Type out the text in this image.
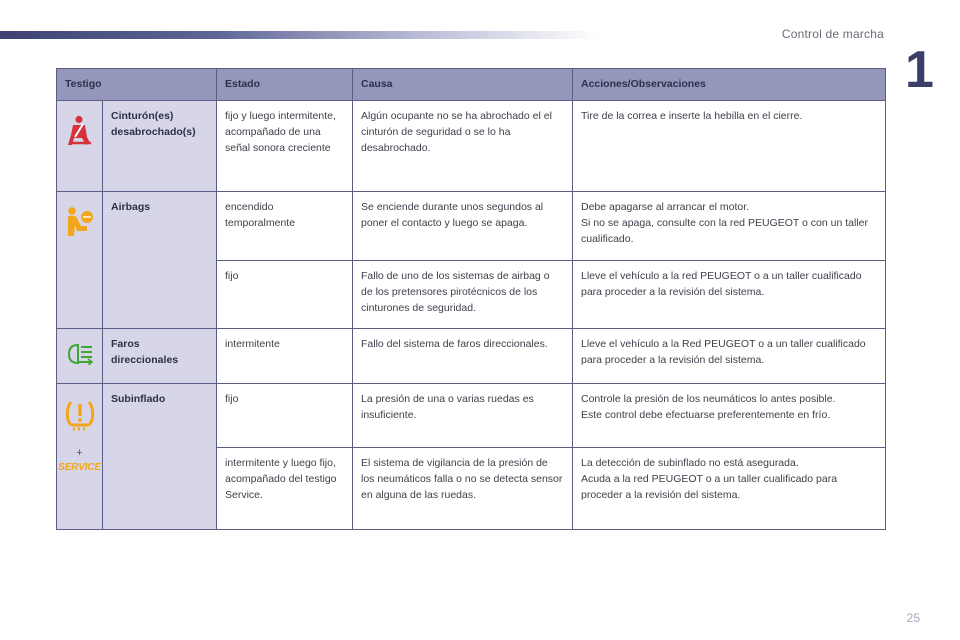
Control de marcha
1
Testigo		Estado	Causa	Acciones/Observaciones

	Cinturón(es) desabrochado(s)	fijo y luego intermitente, acompañado de una señal sonora creciente	Algún ocupante no se ha abrochado el el cinturón de seguridad o se lo ha desabrochado.	Tire de la correa e inserte la hebilla en el cierre.

	Airbags	encendido temporalmente	Se enciende durante unos segundos al poner el contacto y luego se apaga.	Debe apagarse al arrancar el motor.
Si no se apaga, consulte con la red PEUGEOT o con un taller cualificado.
		fijo	Fallo de uno de los sistemas de airbag o de los pretensores pirotécnicos de los cinturones de seguridad.	Lleve el vehículo a la red PEUGEOT o a un taller cualificado para proceder a la revisión del sistema.

	Faros direccionales	intermitente	Fallo del sistema de faros direccionales.	Lleve el vehículo a la Red PEUGEOT o a un taller cualificado para proceder a la revisión del sistema.

+
SERVICE	Subinflado	fijo	La presión de una o varias ruedas es insuficiente.	Controle la presión de los neumáticos lo antes posible.
Este control debe efectuarse preferentemente en frío.
		intermitente y luego fijo, acompañado del testigo Service.	El sistema de vigilancia de la presión de los neumáticos falla o no se detecta sensor en alguna de las ruedas.	La detección de subinflado no está asegurada.
Acuda a la red PEUGEOT o a un taller cualificado para proceder a la revisión del sistema.
25
